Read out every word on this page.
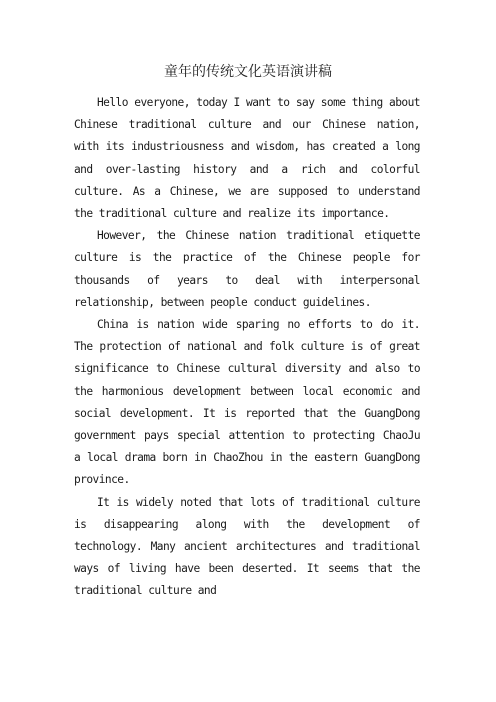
童年的传统文化英语演讲稿

Hello everyone, today I want to say some thing about Chinese traditional culture and our Chinese nation, with its industriousness and wisdom, has created a long and over-lasting history and a rich and colorful culture. As a Chinese, we are supposed to understand the traditional culture and realize its importance.

However, the Chinese nation traditional etiquette culture is the practice of the Chinese people for thousands of years to deal with interpersonal relationship, between people conduct guidelines.

China is nation wide sparing no efforts to do it. The protection of national and folk culture is of great significance to Chinese cultural diversity and also to the harmonious development between local economic and social development. It is reported that the GuangDong government pays special attention to protecting ChaoJu a local drama born in ChaoZhou in the eastern GuangDong province.

It is widely noted that lots of traditional culture is disappearing along with the development of technology. Many ancient architectures and traditional ways of living have been deserted. It seems that the traditional culture and
